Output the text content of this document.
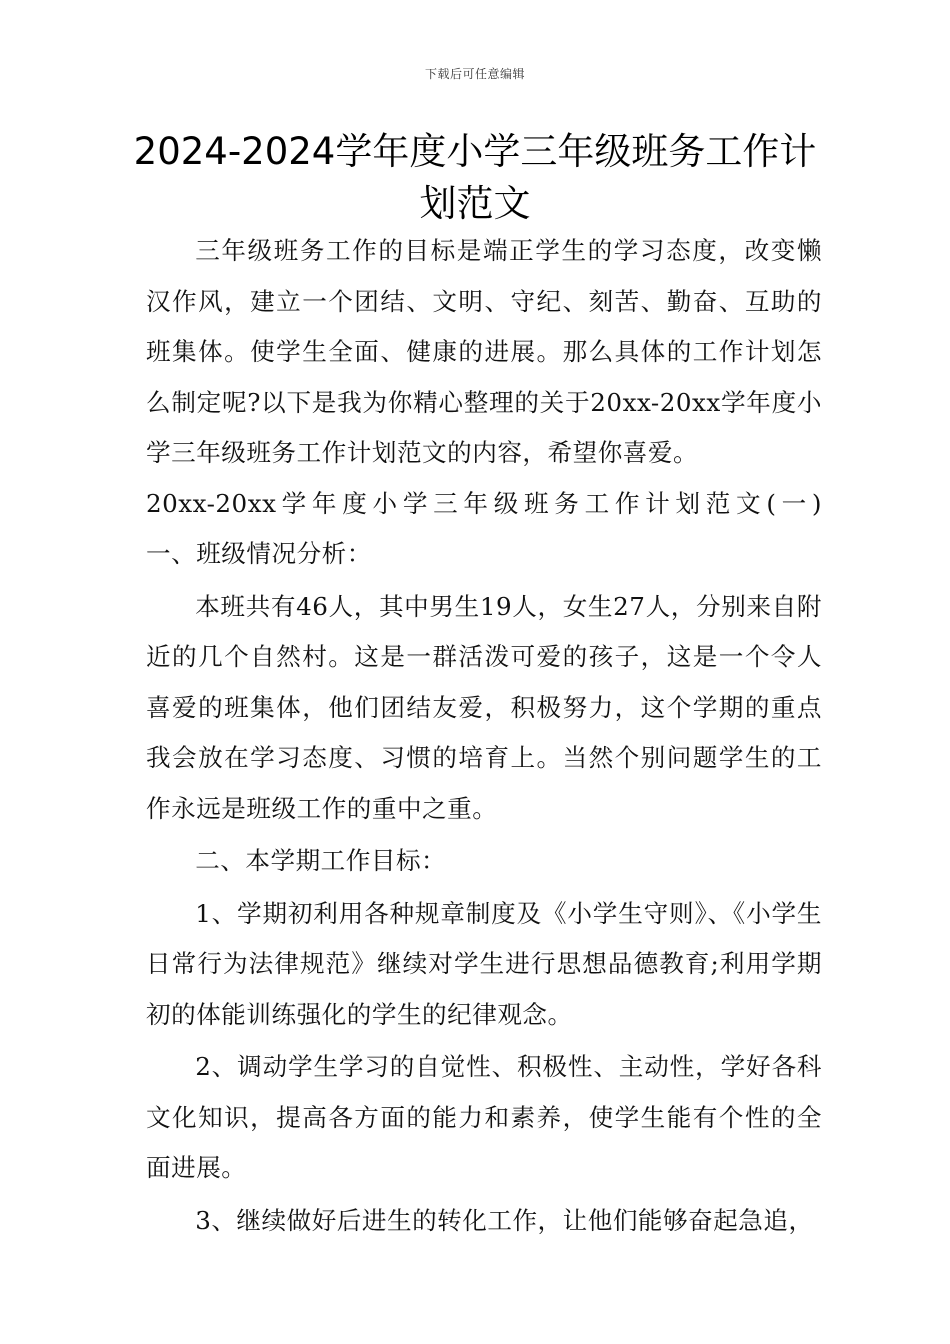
下载后可任意编辑
2024-2024学年度小学三年级班务工作计划范文

三年级班务工作的目标是端正学生的学习态度，改变懒汉作风，建立一个团结、文明、守纪、刻苦、勤奋、互助的班集体。使学生全面、健康的进展。那么具体的工作计划怎么制定呢?以下是我为你精心整理的关于20xx-20xx学年度小学三年级班务工作计划范文的内容，希望你喜爱。

20xx-20xx学年度小学三年级班务工作计划范文(一)　　一、班级情况分析：

本班共有46人，其中男生19人，女生27人，分别来自附近的几个自然村。这是一群活泼可爱的孩子，这是一个令人喜爱的班集体，他们团结友爱，积极努力，这个学期的重点我会放在学习态度、习惯的培育上。当然个别问题学生的工作永远是班级工作的重中之重。

二、本学期工作目标：

1、学期初利用各种规章制度及《小学生守则》、《小学生日常行为法律规范》继续对学生进行思想品德教育;利用学期初的体能训练强化的学生的纪律观念。

2、调动学生学习的自觉性、积极性、主动性，学好各科文化知识，提高各方面的能力和素养，使学生能有个性的全面进展。

3、继续做好后进生的转化工作，让他们能够奋起急追，
